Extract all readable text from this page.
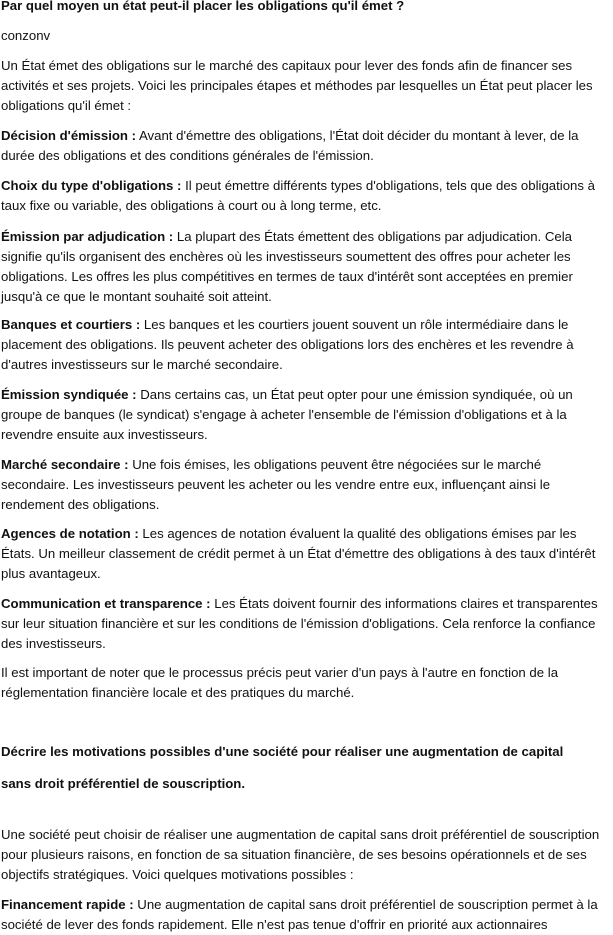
Par quel moyen un état peut-il placer les obligations qu'il émet ?

conzonv

Un État émet des obligations sur le marché des capitaux pour lever des fonds afin de financer ses activités et ses projets. Voici les principales étapes et méthodes par lesquelles un État peut placer les obligations qu'il émet :

Décision d'émission : Avant d'émettre des obligations, l'État doit décider du montant à lever, de la durée des obligations et des conditions générales de l'émission.

Choix du type d'obligations : Il peut émettre différents types d'obligations, tels que des obligations à taux fixe ou variable, des obligations à court ou à long terme, etc.

Émission par adjudication : La plupart des États émettent des obligations par adjudication. Cela signifie qu'ils organisent des enchères où les investisseurs soumettent des offres pour acheter les obligations. Les offres les plus compétitives en termes de taux d'intérêt sont acceptées en premier jusqu'à ce que le montant souhaité soit atteint.

Banques et courtiers : Les banques et les courtiers jouent souvent un rôle intermédiaire dans le placement des obligations. Ils peuvent acheter des obligations lors des enchères et les revendre à d'autres investisseurs sur le marché secondaire.

Émission syndiquée : Dans certains cas, un État peut opter pour une émission syndiquée, où un groupe de banques (le syndicat) s'engage à acheter l'ensemble de l'émission d'obligations et à la revendre ensuite aux investisseurs.

Marché secondaire : Une fois émises, les obligations peuvent être négociées sur le marché secondaire. Les investisseurs peuvent les acheter ou les vendre entre eux, influençant ainsi le rendement des obligations.

Agences de notation : Les agences de notation évaluent la qualité des obligations émises par les États. Un meilleur classement de crédit permet à un État d'émettre des obligations à des taux d'intérêt plus avantageux.

Communication et transparence : Les États doivent fournir des informations claires et transparentes sur leur situation financière et sur les conditions de l'émission d'obligations. Cela renforce la confiance des investisseurs.

Il est important de noter que le processus précis peut varier d'un pays à l'autre en fonction de la réglementation financière locale et des pratiques du marché.

Décrire les motivations possibles d'une société pour réaliser une augmentation de capital

sans droit préférentiel de souscription.

Une société peut choisir de réaliser une augmentation de capital sans droit préférentiel de souscription pour plusieurs raisons, en fonction de sa situation financière, de ses besoins opérationnels et de ses objectifs stratégiques. Voici quelques motivations possibles :

Financement rapide : Une augmentation de capital sans droit préférentiel de souscription permet à la société de lever des fonds rapidement. Elle n'est pas tenue d'offrir en priorité aux actionnaires
